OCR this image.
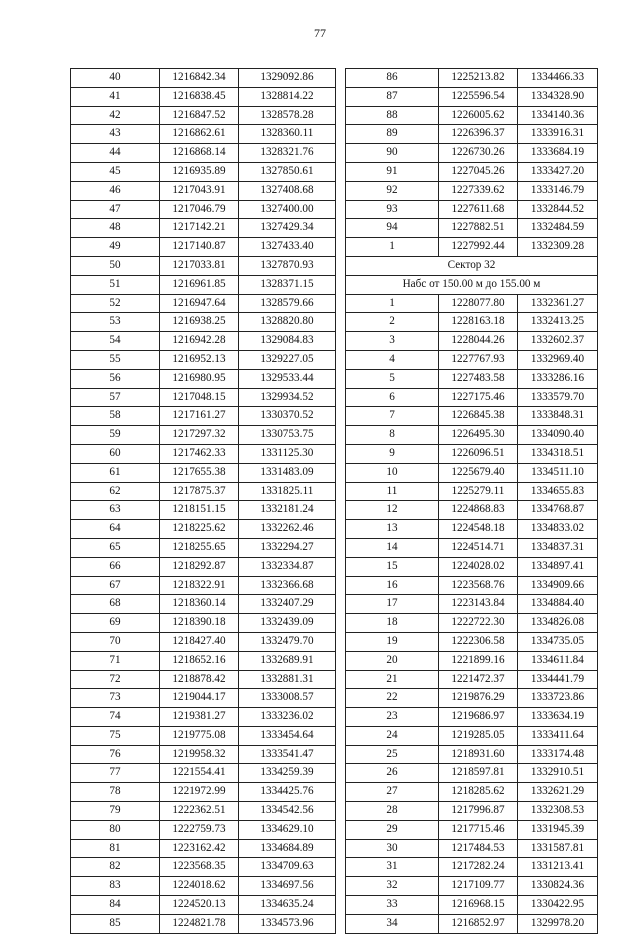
77
40	1216842.34	1329092.86
41	1216838.45	1328814.22
42	1216847.52	1328578.28
43	1216862.61	1328360.11
44	1216868.14	1328321.76
45	1216935.89	1327850.61
46	1217043.91	1327408.68
47	1217046.79	1327400.00
48	1217142.21	1327429.34
49	1217140.87	1327433.40
50	1217033.81	1327870.93
51	1216961.85	1328371.15
52	1216947.64	1328579.66
53	1216938.25	1328820.80
54	1216942.28	1329084.83
55	1216952.13	1329227.05
56	1216980.95	1329533.44
57	1217048.15	1329934.52
58	1217161.27	1330370.52
59	1217297.32	1330753.75
60	1217462.33	1331125.30
61	1217655.38	1331483.09
62	1217875.37	1331825.11
63	1218151.15	1332181.24
64	1218225.62	1332262.46
65	1218255.65	1332294.27
66	1218292.87	1332334.87
67	1218322.91	1332366.68
68	1218360.14	1332407.29
69	1218390.18	1332439.09
70	1218427.40	1332479.70
71	1218652.16	1332689.91
72	1218878.42	1332881.31
73	1219044.17	1333008.57
74	1219381.27	1333236.02
75	1219775.08	1333454.64
76	1219958.32	1333541.47
77	1221554.41	1334259.39
78	1221972.99	1334425.76
79	1222362.51	1334542.56
80	1222759.73	1334629.10
81	1223162.42	1334684.89
82	1223568.35	1334709.63
83	1224018.62	1334697.56
84	1224520.13	1334635.24
85	1224821.78	1334573.96
86	1225213.82	1334466.33
87	1225596.54	1334328.90
88	1226005.62	1334140.36
89	1226396.37	1333916.31
90	1226730.26	1333684.19
91	1227045.26	1333427.20
92	1227339.62	1333146.79
93	1227611.68	1332844.52
94	1227882.51	1332484.59
1	1227992.44	1332309.28
Сектор 32		
Набс от 150.00 м до 155.00 м		
1	1228077.80	1332361.27
2	1228163.18	1332413.25
3	1228044.26	1332602.37
4	1227767.93	1332969.40
5	1227483.58	1333286.16
6	1227175.46	1333579.70
7	1226845.38	1333848.31
8	1226495.30	1334090.40
9	1226096.51	1334318.51
10	1225679.40	1334511.10
11	1225279.11	1334655.83
12	1224868.83	1334768.87
13	1224548.18	1334833.02
14	1224514.71	1334837.31
15	1224028.02	1334897.41
16	1223568.76	1334909.66
17	1223143.84	1334884.40
18	1222722.30	1334826.08
19	1222306.58	1334735.05
20	1221899.16	1334611.84
21	1221472.37	1334441.79
22	1219876.29	1333723.86
23	1219686.97	1333634.19
24	1219285.05	1333411.64
25	1218931.60	1333174.48
26	1218597.81	1332910.51
27	1218285.62	1332621.29
28	1217996.87	1332308.53
29	1217715.46	1331945.39
30	1217484.53	1331587.81
31	1217282.24	1331213.41
32	1217109.77	1330824.36
33	1216968.15	1330422.95
34	1216852.97	1329978.20
